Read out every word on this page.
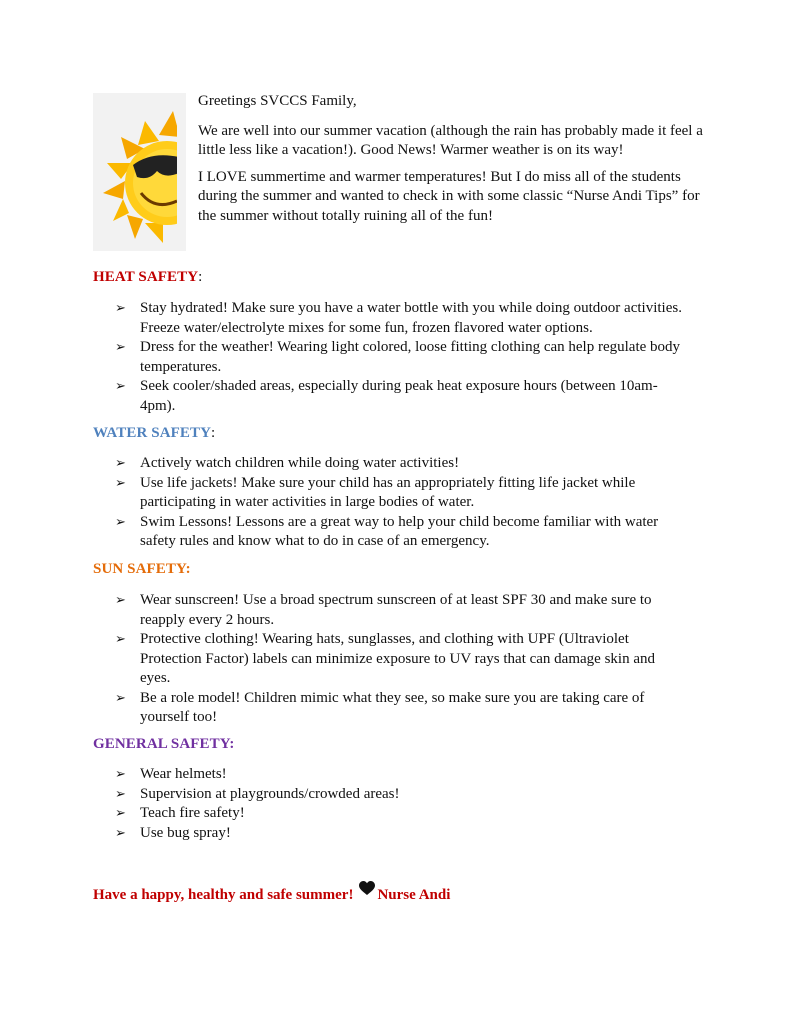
Greetings SVCCS Family,

We are well into our summer vacation (although the rain has probably made it feel a little less like a vacation!). Good News! Warmer weather is on its way!

I LOVE summertime and warmer temperatures! But I do miss all of the students during the summer and wanted to check in with some classic “Nurse Andi Tips” for the summer without totally ruining all of the fun!

HEAT SAFETY:
➢ Stay hydrated! Make sure you have a water bottle with you while doing outdoor activities. Freeze water/electrolyte mixes for some fun, frozen flavored water options.
➢ Dress for the weather! Wearing light colored, loose fitting clothing can help regulate body temperatures.
➢ Seek cooler/shaded areas, especially during peak heat exposure hours (between 10am-4pm).
WATER SAFETY:
➢ Actively watch children while doing water activities!
➢ Use life jackets! Make sure your child has an appropriately fitting life jacket while participating in water activities in large bodies of water.
➢ Swim Lessons! Lessons are a great way to help your child become familiar with water safety rules and know what to do in case of an emergency.
SUN SAFETY:
➢ Wear sunscreen! Use a broad spectrum sunscreen of at least SPF 30 and make sure to reapply every 2 hours.
➢ Protective clothing! Wearing hats, sunglasses, and clothing with UPF (Ultraviolet Protection Factor) labels can minimize exposure to UV rays that can damage skin and eyes.
➢ Be a role model! Children mimic what they see, so make sure you are taking care of yourself too!
GENERAL SAFETY:
➢ Wear helmets!
➢ Supervision at playgrounds/crowded areas!
➢ Teach fire safety!
➢ Use bug spray!
Have a happy, healthy and safe summer! Nurse Andi
